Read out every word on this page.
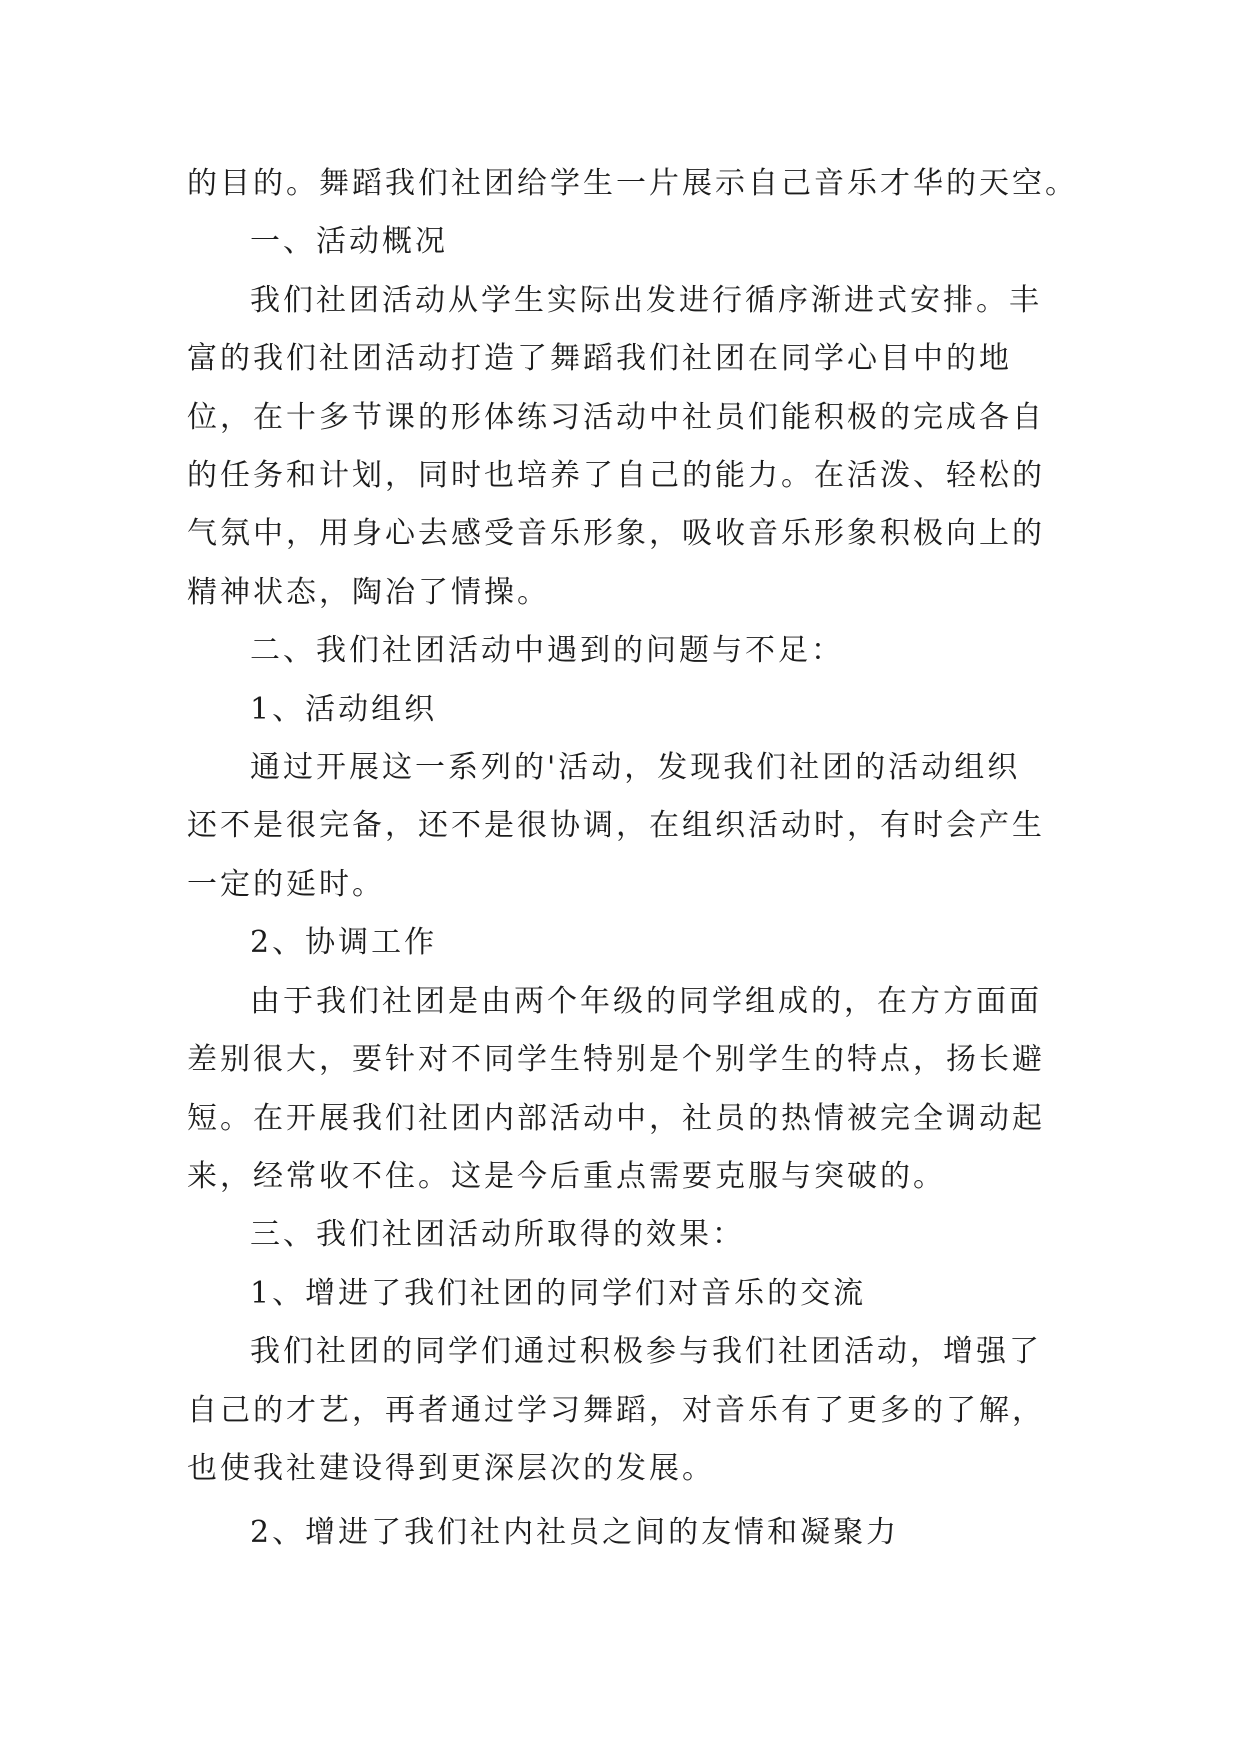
的目的。舞蹈我们社团给学生一片展示自己音乐才华的天空。

一、活动概况

我们社团活动从学生实际出发进行循序渐进式安排。丰

富的我们社团活动打造了舞蹈我们社团在同学心目中的地

位，在十多节课的形体练习活动中社员们能积极的完成各自

的任务和计划，同时也培养了自己的能力。在活泼、轻松的

气氛中，用身心去感受音乐形象，吸收音乐形象积极向上的

精神状态，陶冶了情操。

二、我们社团活动中遇到的问题与不足：

1、活动组织

通过开展这一系列的'活动，发现我们社团的活动组织

还不是很完备，还不是很协调，在组织活动时，有时会产生

一定的延时。

2、协调工作

由于我们社团是由两个年级的同学组成的，在方方面面

差别很大，要针对不同学生特别是个别学生的特点，扬长避

短。在开展我们社团内部活动中，社员的热情被完全调动起

来，经常收不住。这是今后重点需要克服与突破的。

三、我们社团活动所取得的效果：

1、增进了我们社团的同学们对音乐的交流

我们社团的同学们通过积极参与我们社团活动，增强了

自己的才艺，再者通过学习舞蹈，对音乐有了更多的了解，

也使我社建设得到更深层次的发展。

2、增进了我们社内社员之间的友情和凝聚力
